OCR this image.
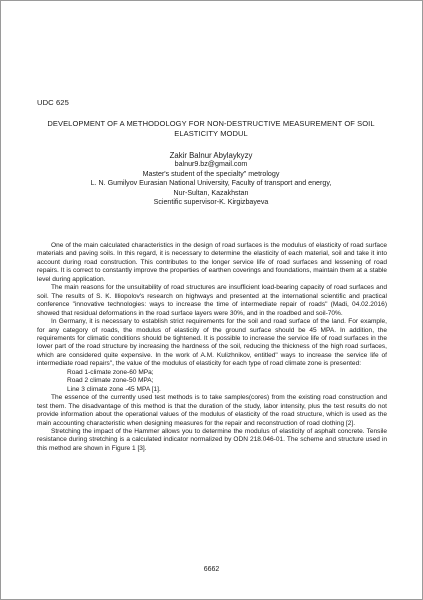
UDC 625
DEVELOPMENT OF A METHODOLOGY FOR NON-DESTRUCTIVE MEASUREMENT OF SOIL ELASTICITY MODUL
Zakir Balnur Abylaykyzy
balnur9.bz@gmail.com
Master's student of the specialty" metrology
L. N. Gumilyov Eurasian National University, Faculty of transport and energy,
Nur-Sultan, Kazakhstan
Scientific supervisor-K. Kirgizbayeva

One of the main calculated characteristics in the design of road surfaces is the modulus of elasticity of road surface materials and paving soils. In this regard, it is necessary to determine the elasticity of each material, soil and take it into account during road construction. This contributes to the longer service life of road surfaces and lessening of road repairs. It is correct to constantly improve the properties of earthen coverings and foundations, maintain them at a stable level during application.

The main reasons for the unsuitability of road structures are insufficient load-bearing capacity of road surfaces and soil. The results of S. K. Illiopolov's research on highways and presented at the international scientific and practical conference "innovative technologies: ways to increase the time of intermediate repair of roads" (Madi, 04.02.2016) showed that residual deformations in the road surface layers were 30%, and in the roadbed and soil-70%.

In Germany, it is necessary to establish strict requirements for the soil and road surface of the land. For example, for any category of roads, the modulus of elasticity of the ground surface should be 45 MPA. In addition, the requirements for climatic conditions should be tightened. It is possible to increase the service life of road surfaces in the lower part of the road structure by increasing the hardness of the soil, reducing the thickness of the high road surfaces, which are considered quite expensive. In the work of A.M. Kulizhnikov, entitled" ways to increase the service life of intermediate road repairs", the value of the modulus of elasticity for each type of road climate zone is presented:

Road 1-climate zone-60 MPa;

Road 2 climate zone-50 MPA;

Line 3 climate zone -45 MPA [1].

The essence of the currently used test methods is to take samples(cores) from the existing road construction and test them. The disadvantage of this method is that the duration of the study, labor intensity, plus the test results do not provide information about the operational values of the modulus of elasticity of the road structure, which is used as the main accounting characteristic when designing measures for the repair and reconstruction of road clothing [2].

Stretching the impact of the Hammer allows you to determine the modulus of elasticity of asphalt concrete. Tensile resistance during stretching is a calculated indicator normalized by ODN 218.046-01. The scheme and structure used in this method are shown in Figure 1 [3].

6662
